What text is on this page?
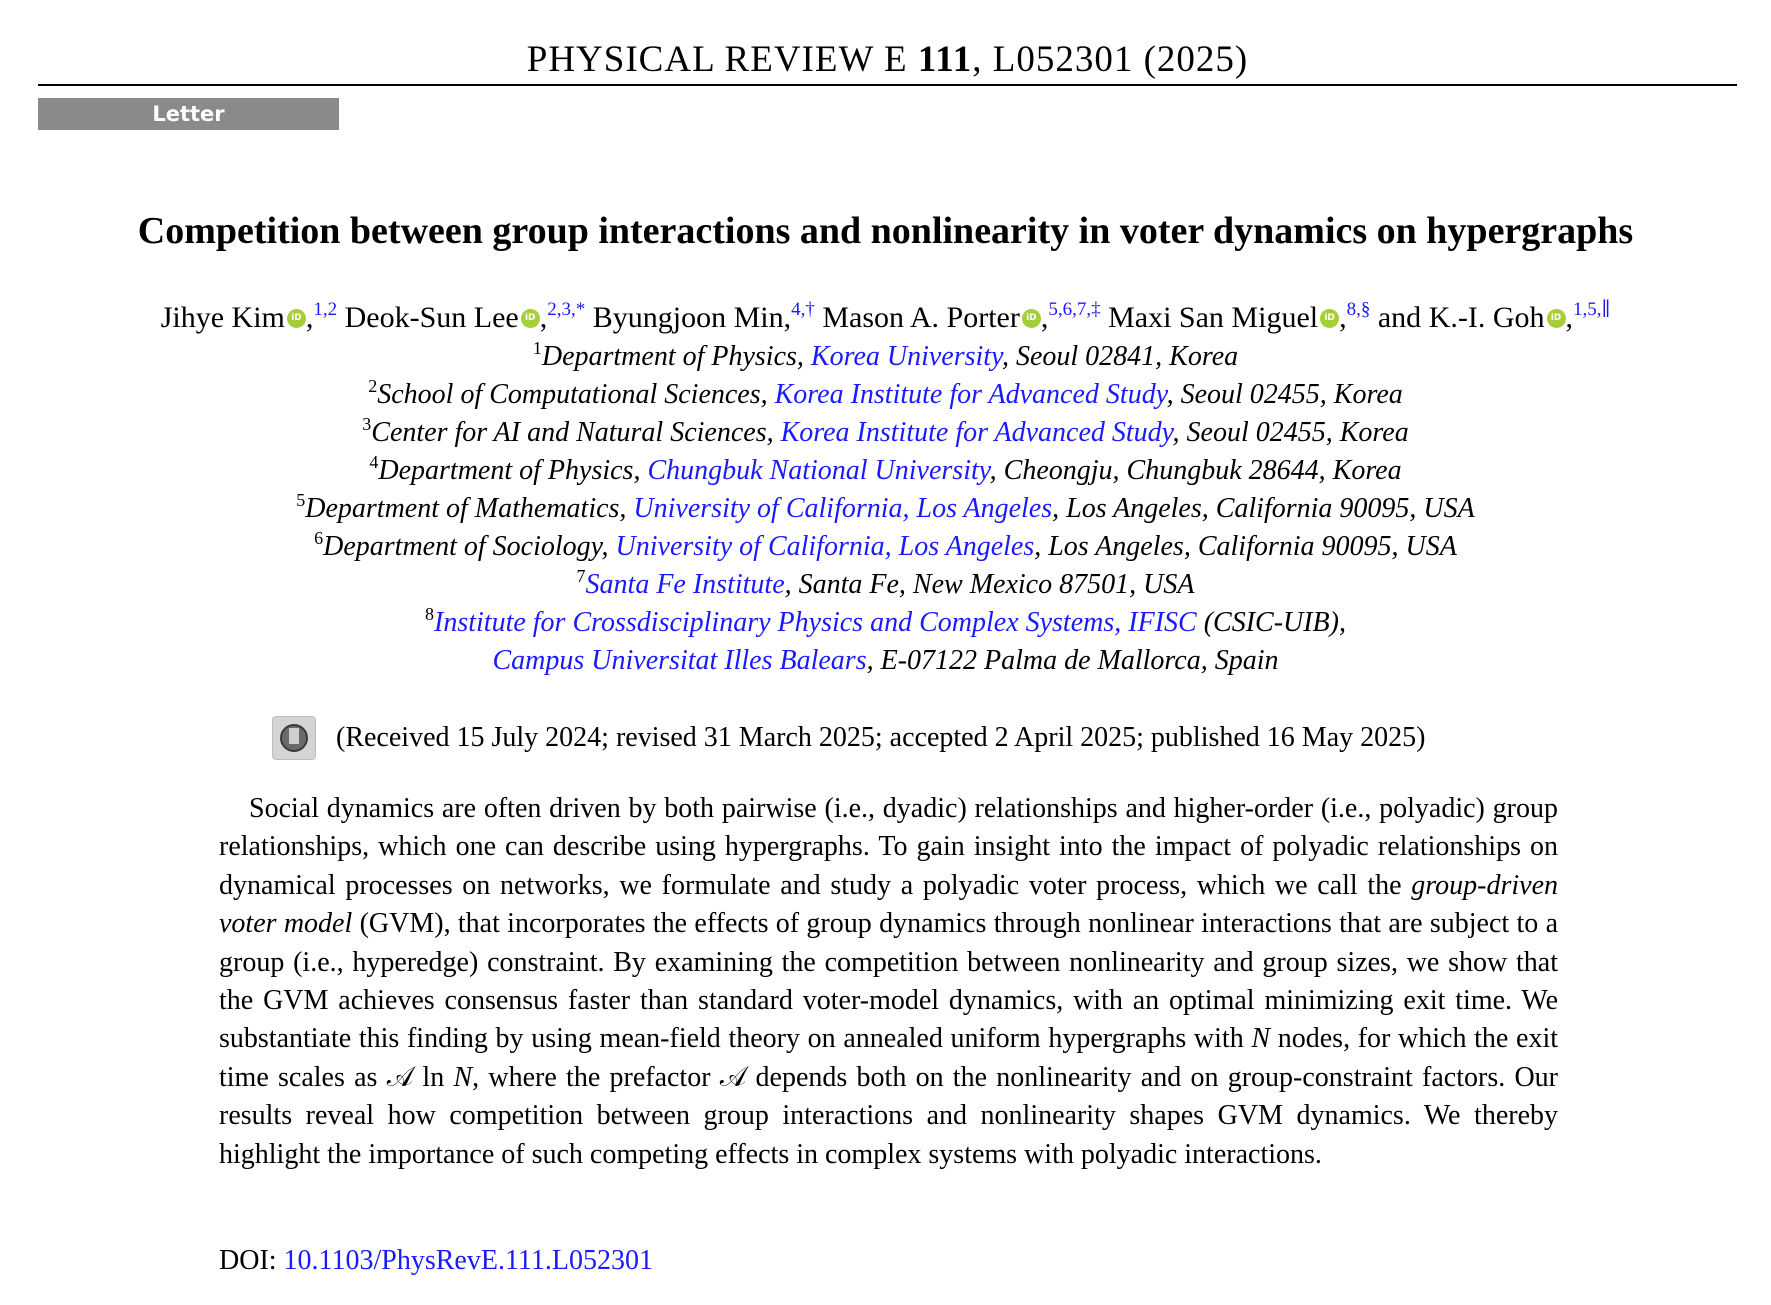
PHYSICAL REVIEW E 111, L052301 (2025)
Letter
Competition between group interactions and nonlinearity in voter dynamics on hypergraphs
Jihye Kim iD ,$^{1,2}$ Deok-Sun Lee iD ,$^{2,3,*}$ Byungjoon Min,$^{4,\dagger}$ Mason A. Porter iD ,$^{5,6,7,\ddagger}$ Maxi San Miguel iD ,$^{8,\S}$ and K.-I. Goh iD ,$^{1,5,\parallel}$
$^1$Department of Physics, Korea University, Seoul 02841, Korea
$^2$School of Computational Sciences, Korea Institute for Advanced Study, Seoul 02455, Korea
$^3$Center for AI and Natural Sciences, Korea Institute for Advanced Study, Seoul 02455, Korea
$^4$Department of Physics, Chungbuk National University, Cheongju, Chungbuk 28644, Korea
$^5$Department of Mathematics, University of California, Los Angeles, Los Angeles, California 90095, USA
$^6$Department of Sociology, University of California, Los Angeles, Los Angeles, California 90095, USA
$^7$Santa Fe Institute, Santa Fe, New Mexico 87501, USA
$^8$Institute for Crossdisciplinary Physics and Complex Systems, IFISC (CSIC-UIB),
Campus Universitat Illes Balears, E-07122 Palma de Mallorca, Spain
(Received 15 July 2024; revised 31 March 2025; accepted 2 April 2025; published 16 May 2025)

Social dynamics are often driven by both pairwise (i.e., dyadic) relationships and higher-order (i.e., polyadic) group relationships, which one can describe using hypergraphs. To gain insight into the impact of polyadic relationships on dynamical processes on networks, we formulate and study a polyadic voter process, which we call the group-driven voter model (GVM), that incorporates the effects of group dynamics through nonlinear interactions that are subject to a group (i.e., hyperedge) constraint. By examining the competition between nonlinearity and group sizes, we show that the GVM achieves consensus faster than standard voter-model dynamics, with an optimal minimizing exit time. We substantiate this finding by using mean-field theory on annealed uniform hypergraphs with N nodes, for which the exit time scales as 𝒜 ln N, where the prefactor 𝒜 depends both on the nonlinearity and on group-constraint factors. Our results reveal how competition between group interactions and nonlinearity shapes GVM dynamics. We thereby highlight the importance of such competing effects in complex systems with polyadic interactions.

DOI: 10.1103/PhysRevE.111.L052301
